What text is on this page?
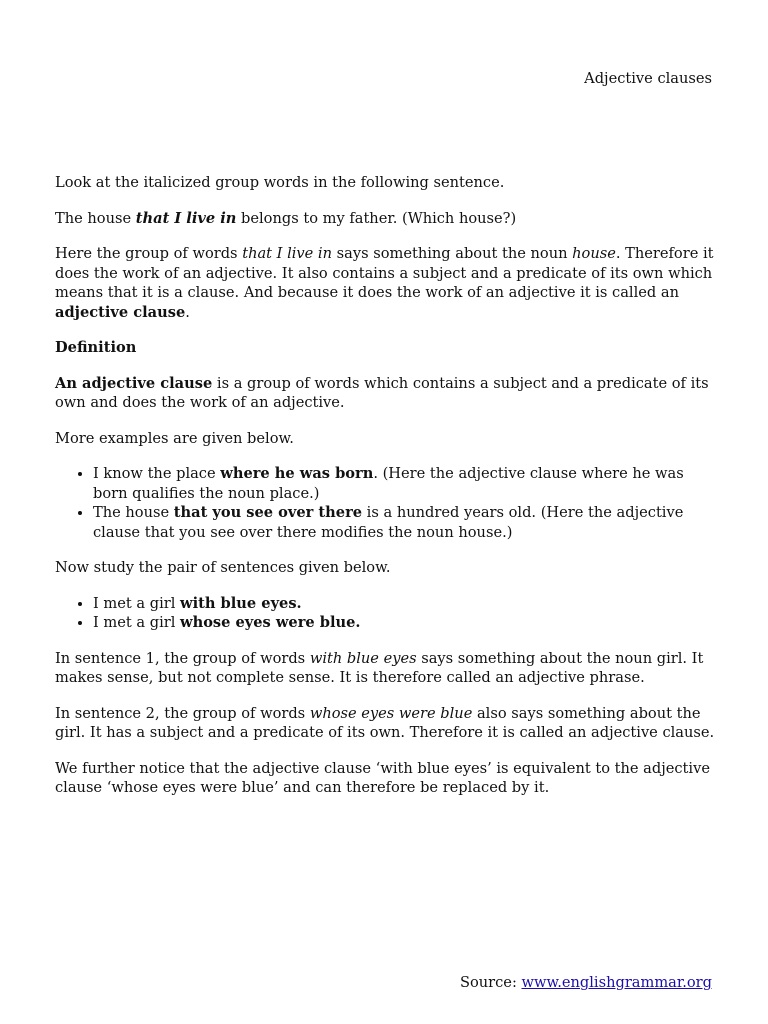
Adjective clauses

Look at the italicized group words in the following sentence.

The house that I live in belongs to my father. (Which house?)

Here the group of words that I live in says something about the noun house. Therefore it does the work of an adjective. It also contains a subject and a predicate of its own which means that it is a clause. And because it does the work of an adjective it is called an adjective clause.

Definition

An adjective clause is a group of words which contains a subject and a predicate of its own and does the work of an adjective.

More examples are given below.

• I know the place where he was born. (Here the adjective clause where he was born qualifies the noun place.)
• The house that you see over there is a hundred years old. (Here the adjective clause that you see over there modifies the noun house.)

Now study the pair of sentences given below.

• I met a girl with blue eyes.
• I met a girl whose eyes were blue.

In sentence 1, the group of words with blue eyes says something about the noun girl. It makes sense, but not complete sense. It is therefore called an adjective phrase.

In sentence 2, the group of words whose eyes were blue also says something about the girl. It has a subject and a predicate of its own. Therefore it is called an adjective clause.

We further notice that the adjective clause ‘with blue eyes’ is equivalent to the adjective clause ‘whose eyes were blue’ and can therefore be replaced by it.

Source: www.englishgrammar.org
